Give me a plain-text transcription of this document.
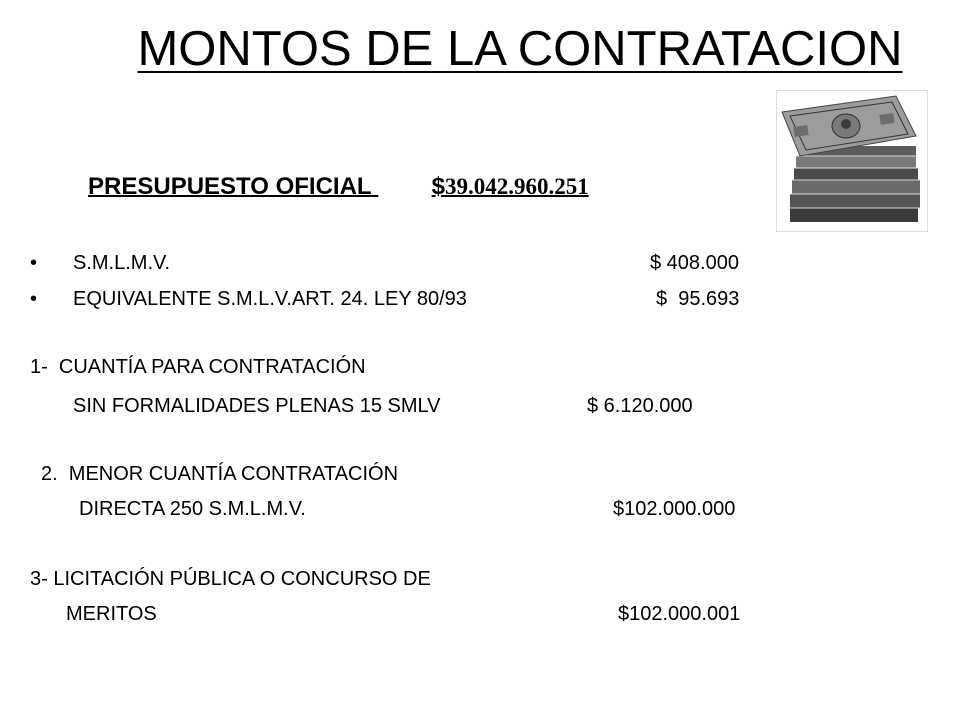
MONTOS DE LA CONTRATACION
PRESUPUESTO OFICIAL	$39.042.960.251
• S.M.L.M.V.	$ 408.000
• EQUIVALENTE S.M.L.V.ART. 24. LEY 80/93	$  95.693
1-  CUANTÍA PARA CONTRATACIÓN
SIN FORMALIDADES PLENAS 15 SMLV	$ 6.120.000
2.  MENOR CUANTÍA CONTRATACIÓN
DIRECTA 250 S.M.L.M.V.	$102.000.000
3- LICITACIÓN PÚBLICA O CONCURSO DE
MERITOS	$102.000.001
